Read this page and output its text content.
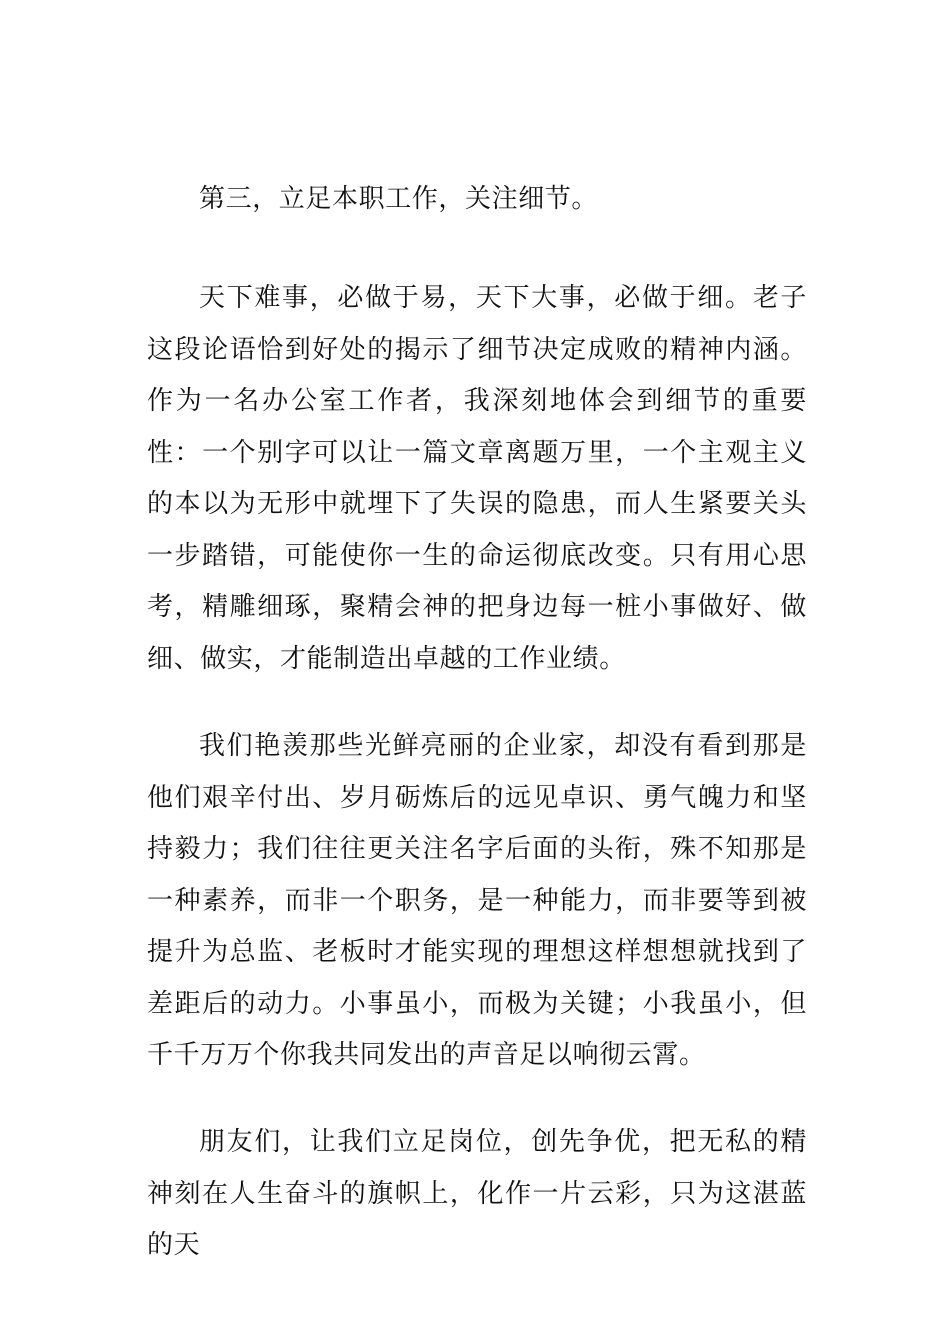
第三，立足本职工作，关注细节。

天下难事，必做于易，天下大事，必做于细。老子这段论语恰到好处的揭示了细节决定成败的精神内涵。作为一名办公室工作者，我深刻地体会到细节的重要性：一个别字可以让一篇文章离题万里，一个主观主义的本以为无形中就埋下了失误的隐患，而人生紧要关头一步踏错，可能使你一生的命运彻底改变。只有用心思考，精雕细琢，聚精会神的把身边每一桩小事做好、做细、做实，才能制造出卓越的工作业绩。

我们艳羡那些光鲜亮丽的企业家，却没有看到那是他们艰辛付出、岁月砺炼后的远见卓识、勇气魄力和坚持毅力；我们往往更关注名字后面的头衔，殊不知那是一种素养，而非一个职务，是一种能力，而非要等到被提升为总监、老板时才能实现的理想这样想想就找到了差距后的动力。小事虽小，而极为关键；小我虽小，但千千万万个你我共同发出的声音足以响彻云霄。

朋友们，让我们立足岗位，创先争优，把无私的精神刻在人生奋斗的旗帜上，化作一片云彩，只为这湛蓝的天
